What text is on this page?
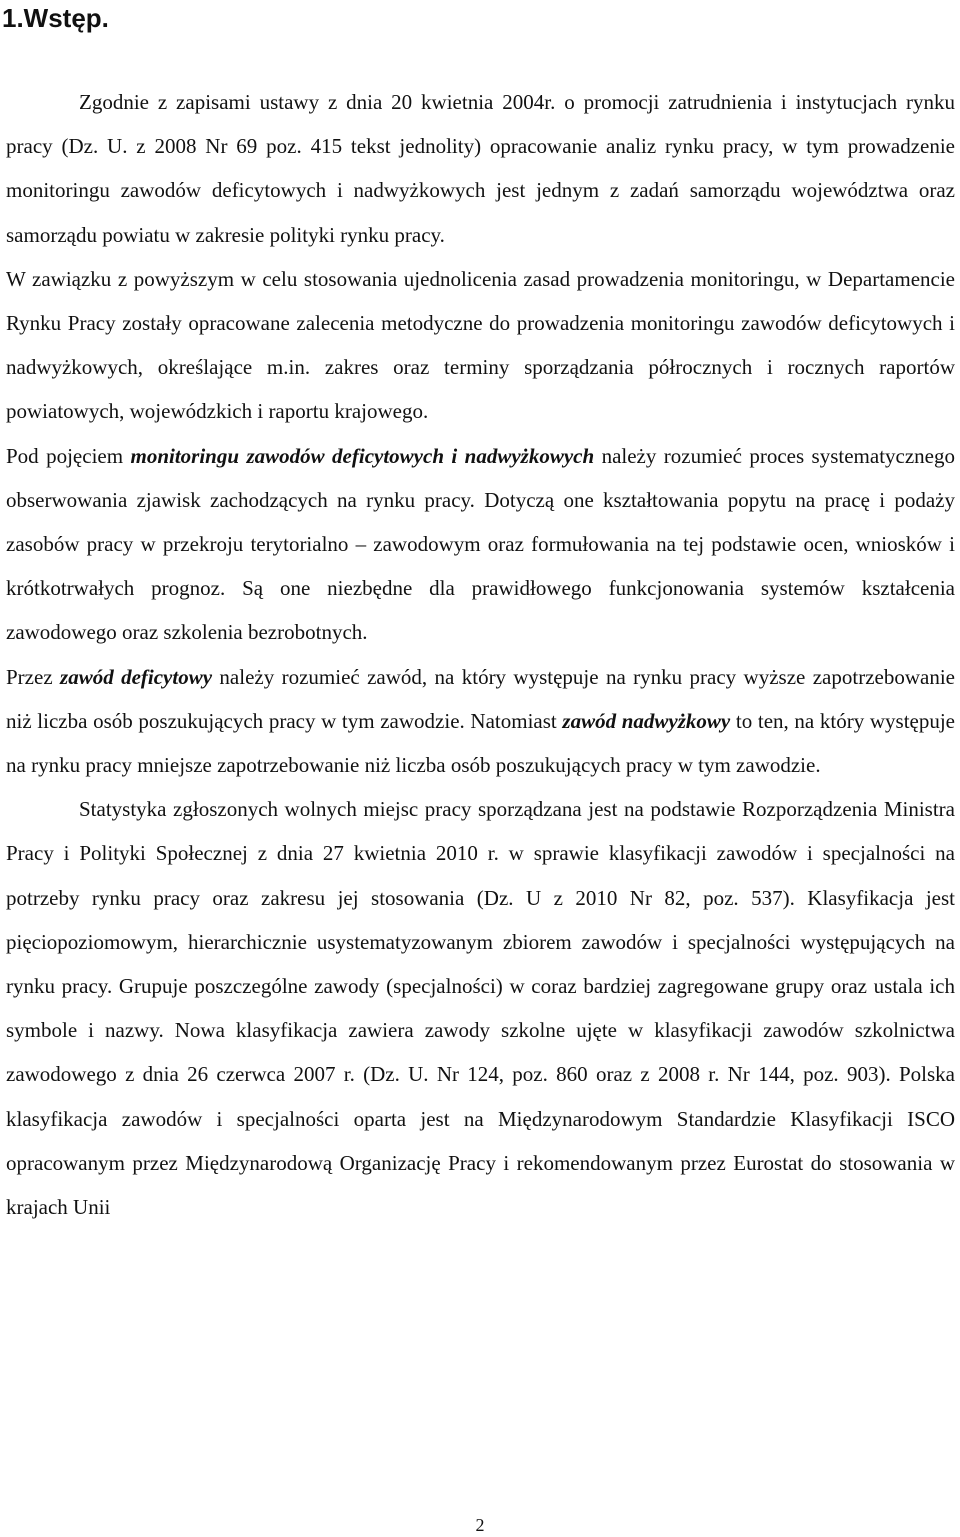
1.Wstęp.

Zgodnie z zapisami ustawy z dnia 20 kwietnia 2004r. o promocji zatrudnienia i instytucjach rynku pracy (Dz. U. z 2008 Nr 69 poz. 415 tekst jednolity) opracowanie analiz rynku pracy, w tym prowadzenie monitoringu zawodów deficytowych i nadwyżkowych jest jednym z zadań samorządu województwa oraz samorządu powiatu w zakresie polityki rynku pracy.

W zawiązku z powyższym w celu stosowania ujednolicenia zasad prowadzenia monitoringu, w Departamencie Rynku Pracy zostały opracowane zalecenia metodyczne do prowadzenia monitoringu zawodów deficytowych i nadwyżkowych, określające m.in. zakres oraz terminy sporządzania półrocznych i rocznych raportów powiatowych, wojewódzkich i raportu krajowego.

Pod pojęciem monitoringu zawodów deficytowych i nadwyżkowych należy rozumieć proces systematycznego obserwowania zjawisk zachodzących na rynku pracy. Dotyczą one kształtowania popytu na pracę i podaży zasobów pracy w przekroju terytorialno – zawodowym oraz formułowania na tej podstawie ocen, wniosków i krótkotrwałych prognoz. Są one niezbędne dla prawidłowego funkcjonowania systemów kształcenia zawodowego oraz szkolenia bezrobotnych.

Przez zawód deficytowy należy rozumieć zawód, na który występuje na rynku pracy wyższe zapotrzebowanie niż liczba osób poszukujących pracy w tym zawodzie. Natomiast zawód nadwyżkowy to ten, na który występuje na rynku pracy mniejsze zapotrzebowanie niż liczba osób poszukujących pracy w tym zawodzie.

Statystyka zgłoszonych wolnych miejsc pracy sporządzana jest na podstawie Rozporządzenia Ministra Pracy i Polityki Społecznej z dnia 27 kwietnia 2010 r. w sprawie klasyfikacji zawodów i specjalności na potrzeby rynku pracy oraz zakresu jej stosowania (Dz. U z 2010 Nr 82, poz. 537). Klasyfikacja jest pięciopoziomowym, hierarchicznie usystematyzowanym zbiorem zawodów i specjalności występujących na rynku pracy. Grupuje poszczególne zawody (specjalności) w coraz bardziej zagregowane grupy oraz ustala ich symbole i nazwy. Nowa klasyfikacja zawiera zawody szkolne ujęte w klasyfikacji zawodów szkolnictwa zawodowego z dnia 26 czerwca 2007 r. (Dz. U. Nr 124, poz. 860 oraz z 2008 r. Nr 144, poz. 903). Polska klasyfikacja zawodów i specjalności oparta jest na Międzynarodowym Standardzie Klasyfikacji ISCO opracowanym przez Międzynarodową Organizację Pracy i rekomendowanym przez Eurostat do stosowania w krajach Unii

2
